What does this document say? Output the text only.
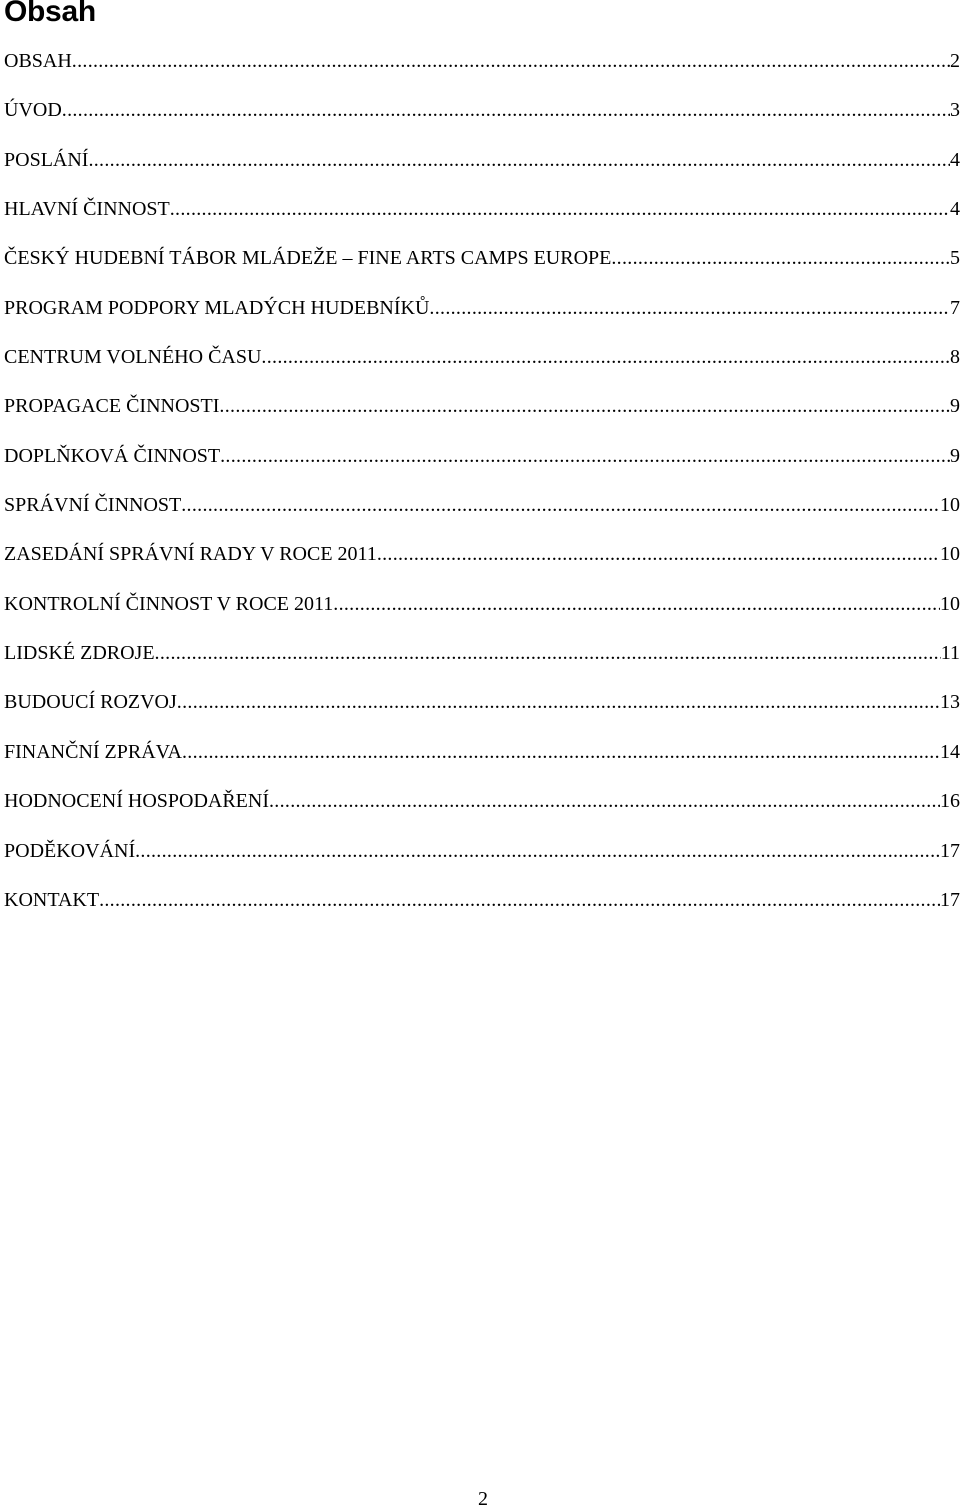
Obsah
OBSAH .....	2
ÚVOD .....	3
POSLÁNÍ .....	4
HLAVNÍ ČINNOST .....	4
ČESKÝ HUDEBNÍ TÁBOR MLÁDEŽE – FINE ARTS CAMPS EUROPE .....	5
PROGRAM PODPORY MLADÝCH HUDEBNÍKŮ .....	7
CENTRUM VOLNÉHO ČASU .....	8
PROPAGACE ČINNOSTI .....	9
DOPLŇKOVÁ ČINNOST .....	9
SPRÁVNÍ ČINNOST .....	10
ZASEDÁNÍ SPRÁVNÍ RADY V ROCE 2011 .....	10
KONTROLNÍ ČINNOST V ROCE 2011 .....	10
LIDSKÉ ZDROJE .....	11
BUDOUCÍ ROZVOJ .....	13
FINANČNÍ ZPRÁVA .....	14
HODNOCENÍ HOSPODAŘENÍ .....	16
PODĚKOVÁNÍ .....	17
KONTAKT .....	17
2
